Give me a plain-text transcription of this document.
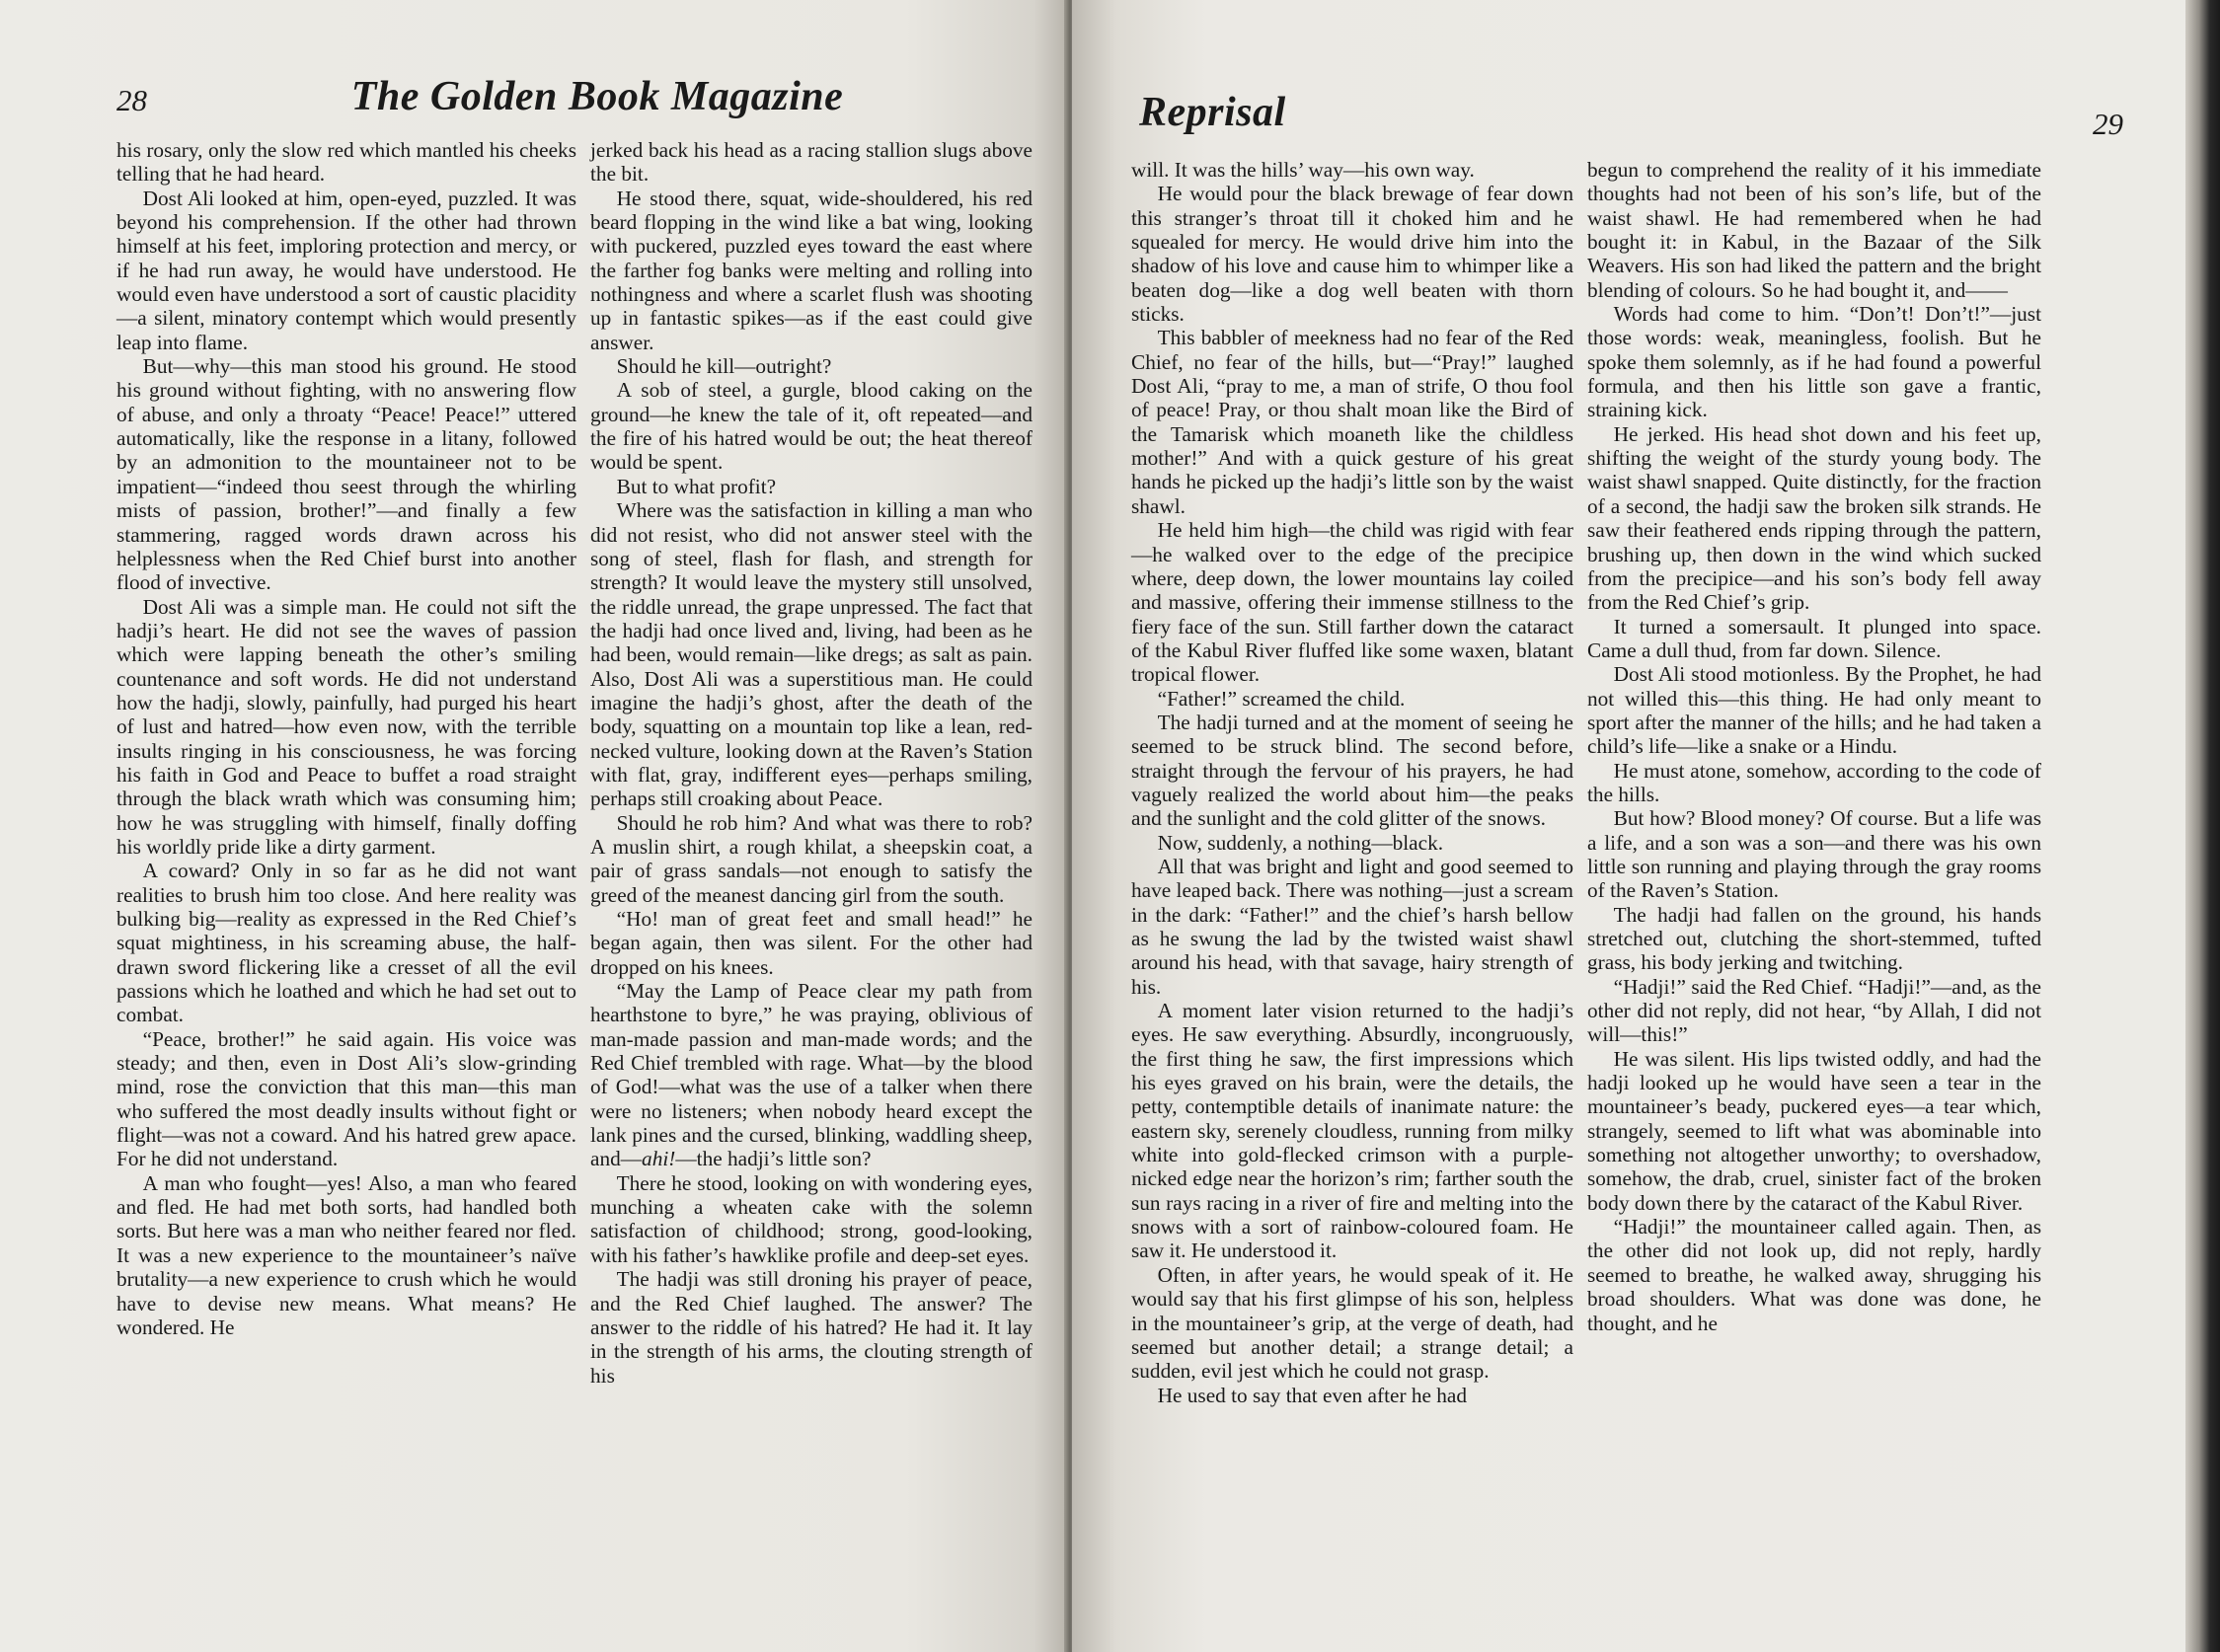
28	The Golden Book Magazine

his rosary, only the slow red which mantled his cheeks telling that he had heard.

Dost Ali looked at him, open-eyed, puzzled. It was beyond his comprehension. If the other had thrown himself at his feet, imploring protection and mercy, or if he had run away, he would have understood. He would even have understood a sort of caustic placidity—a silent, minatory contempt which would presently leap into flame.

But—why—this man stood his ground. He stood his ground without fighting, with no answering flow of abuse, and only a throaty “Peace! Peace!” uttered automatically, like the response in a litany, followed by an admonition to the mountaineer not to be impatient—“indeed thou seest through the whirling mists of passion, brother!”—and finally a few stammering, ragged words drawn across his helplessness when the Red Chief burst into another flood of invective.

Dost Ali was a simple man. He could not sift the hadji’s heart. He did not see the waves of passion which were lapping beneath the other’s smiling countenance and soft words. He did not understand how the hadji, slowly, painfully, had purged his heart of lust and hatred—how even now, with the terrible insults ringing in his consciousness, he was forcing his faith in God and Peace to buffet a road straight through the black wrath which was consuming him; how he was struggling with himself, finally doffing his worldly pride like a dirty garment.

A coward? Only in so far as he did not want realities to brush him too close. And here reality was bulking big—reality as expressed in the Red Chief’s squat mightiness, in his screaming abuse, the half-drawn sword flickering like a cresset of all the evil passions which he loathed and which he had set out to combat.

“Peace, brother!” he said again. His voice was steady; and then, even in Dost Ali’s slow-grinding mind, rose the conviction that this man—this man who suffered the most deadly insults without fight or flight—was not a coward. And his hatred grew apace. For he did not understand.

A man who fought—yes! Also, a man who feared and fled. He had met both sorts, had handled both sorts. But here was a man who neither feared nor fled. It was a new experience to the mountaineer’s naïve brutality—a new experience to crush which he would have to devise new means. What means? He wondered. He

jerked back his head as a racing stallion slugs above the bit.

He stood there, squat, wide-shouldered, his red beard flopping in the wind like a bat wing, looking with puckered, puzzled eyes toward the east where the farther fog banks were melting and rolling into nothingness and where a scarlet flush was shooting up in fantastic spikes—as if the east could give answer.

Should he kill—outright?

A sob of steel, a gurgle, blood caking on the ground—he knew the tale of it, oft repeated—and the fire of his hatred would be out; the heat thereof would be spent.

But to what profit?

Where was the satisfaction in killing a man who did not resist, who did not answer steel with the song of steel, flash for flash, and strength for strength? It would leave the mystery still unsolved, the riddle unread, the grape unpressed. The fact that the hadji had once lived and, living, had been as he had been, would remain—like dregs; as salt as pain. Also, Dost Ali was a superstitious man. He could imagine the hadji’s ghost, after the death of the body, squatting on a mountain top like a lean, red-necked vulture, looking down at the Raven’s Station with flat, gray, indifferent eyes—perhaps smiling, perhaps still croaking about Peace.

Should he rob him? And what was there to rob? A muslin shirt, a rough khilat, a sheepskin coat, a pair of grass sandals—not enough to satisfy the greed of the meanest dancing girl from the south.

“Ho! man of great feet and small head!” he began again, then was silent. For the other had dropped on his knees.

“May the Lamp of Peace clear my path from hearthstone to byre,” he was praying, oblivious of man-made passion and man-made words; and the Red Chief trembled with rage. What—by the blood of God!—what was the use of a talker when there were no listeners; when nobody heard except the lank pines and the cursed, blinking, waddling sheep, and—ahi!—the hadji’s little son?

There he stood, looking on with wondering eyes, munching a wheaten cake with the solemn satisfaction of childhood; strong, good-looking, with his father’s hawklike profile and deep-set eyes.

The hadji was still droning his prayer of peace, and the Red Chief laughed. The answer? The answer to the riddle of his hatred? He had it. It lay in the strength of his arms, the clouting strength of his

Reprisal	29

will. It was the hills’ way—his own way.

He would pour the black brewage of fear down this stranger’s throat till it choked him and he squealed for mercy. He would drive him into the shadow of his love and cause him to whimper like a beaten dog—like a dog well beaten with thorn sticks.

This babbler of meekness had no fear of the Red Chief, no fear of the hills, but—“Pray!” laughed Dost Ali, “pray to me, a man of strife, O thou fool of peace! Pray, or thou shalt moan like the Bird of the Tamarisk which moaneth like the childless mother!” And with a quick gesture of his great hands he picked up the hadji’s little son by the waist shawl.

He held him high—the child was rigid with fear—he walked over to the edge of the precipice where, deep down, the lower mountains lay coiled and massive, offering their immense stillness to the fiery face of the sun. Still farther down the cataract of the Kabul River fluffed like some waxen, blatant tropical flower.

“Father!” screamed the child.

The hadji turned and at the moment of seeing he seemed to be struck blind. The second before, straight through the fervour of his prayers, he had vaguely realized the world about him—the peaks and the sunlight and the cold glitter of the snows.

Now, suddenly, a nothing—black.

All that was bright and light and good seemed to have leaped back. There was nothing—just a scream in the dark: “Father!” and the chief’s harsh bellow as he swung the lad by the twisted waist shawl around his head, with that savage, hairy strength of his.

A moment later vision returned to the hadji’s eyes. He saw everything. Absurdly, incongruously, the first thing he saw, the first impressions which his eyes graved on his brain, were the details, the petty, contemptible details of inanimate nature: the eastern sky, serenely cloudless, running from milky white into gold-flecked crimson with a purple-nicked edge near the horizon’s rim; farther south the sun rays racing in a river of fire and melting into the snows with a sort of rainbow-coloured foam. He saw it. He understood it.

Often, in after years, he would speak of it. He would say that his first glimpse of his son, helpless in the mountaineer’s grip, at the verge of death, had seemed but another detail; a strange detail; a sudden, evil jest which he could not grasp.

He used to say that even after he had

begun to comprehend the reality of it his immediate thoughts had not been of his son’s life, but of the waist shawl. He had remembered when he had bought it: in Kabul, in the Bazaar of the Silk Weavers. His son had liked the pattern and the bright blending of colours. So he had bought it, and——

Words had come to him. “Don’t! Don’t!”—just those words: weak, meaningless, foolish. But he spoke them solemnly, as if he had found a powerful formula, and then his little son gave a frantic, straining kick.

He jerked. His head shot down and his feet up, shifting the weight of the sturdy young body. The waist shawl snapped. Quite distinctly, for the fraction of a second, the hadji saw the broken silk strands. He saw their feathered ends ripping through the pattern, brushing up, then down in the wind which sucked from the precipice—and his son’s body fell away from the Red Chief’s grip.

It turned a somersault. It plunged into space. Came a dull thud, from far down. Silence.

Dost Ali stood motionless. By the Prophet, he had not willed this—this thing. He had only meant to sport after the manner of the hills; and he had taken a child’s life—like a snake or a Hindu.

He must atone, somehow, according to the code of the hills.

But how? Blood money? Of course. But a life was a life, and a son was a son—and there was his own little son running and playing through the gray rooms of the Raven’s Station.

The hadji had fallen on the ground, his hands stretched out, clutching the short-stemmed, tufted grass, his body jerking and twitching.

“Hadji!” said the Red Chief. “Hadji!”—and, as the other did not reply, did not hear, “by Allah, I did not will—this!”

He was silent. His lips twisted oddly, and had the hadji looked up he would have seen a tear in the mountaineer’s beady, puckered eyes—a tear which, strangely, seemed to lift what was abominable into something not altogether unworthy; to overshadow, somehow, the drab, cruel, sinister fact of the broken body down there by the cataract of the Kabul River.

“Hadji!” the mountaineer called again. Then, as the other did not look up, did not reply, hardly seemed to breathe, he walked away, shrugging his broad shoulders. What was done was done, he thought, and he
